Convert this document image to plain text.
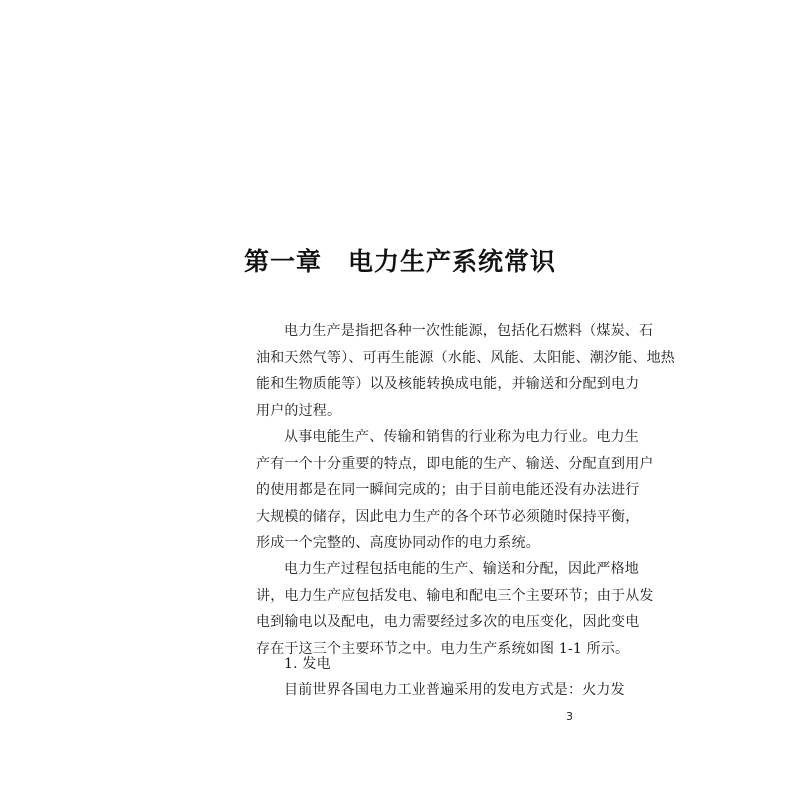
第一章　电力生产系统常识

电力生产是指把各种一次性能源，包括化石燃料（煤炭、石
油和天然气等）、可再生能源（水能、风能、太阳能、潮汐能、地热
能和生物质能等）以及核能转换成电能，并输送和分配到电力
用户的过程。

从事电能生产、传输和销售的行业称为电力行业。电力生
产有一个十分重要的特点，即电能的生产、输送、分配直到用户
的使用都是在同一瞬间完成的；由于目前电能还没有办法进行
大规模的储存，因此电力生产的各个环节必须随时保持平衡，
形成一个完整的、高度协同动作的电力系统。

电力生产过程包括电能的生产、输送和分配，因此严格地
讲，电力生产应包括发电、输电和配电三个主要环节；由于从发
电到输电以及配电，电力需要经过多次的电压变化，因此变电
存在于这三个主要环节之中。电力生产系统如图 1-1 所示。

1. 发电

目前世界各国电力工业普遍采用的发电方式是：火力发

3
